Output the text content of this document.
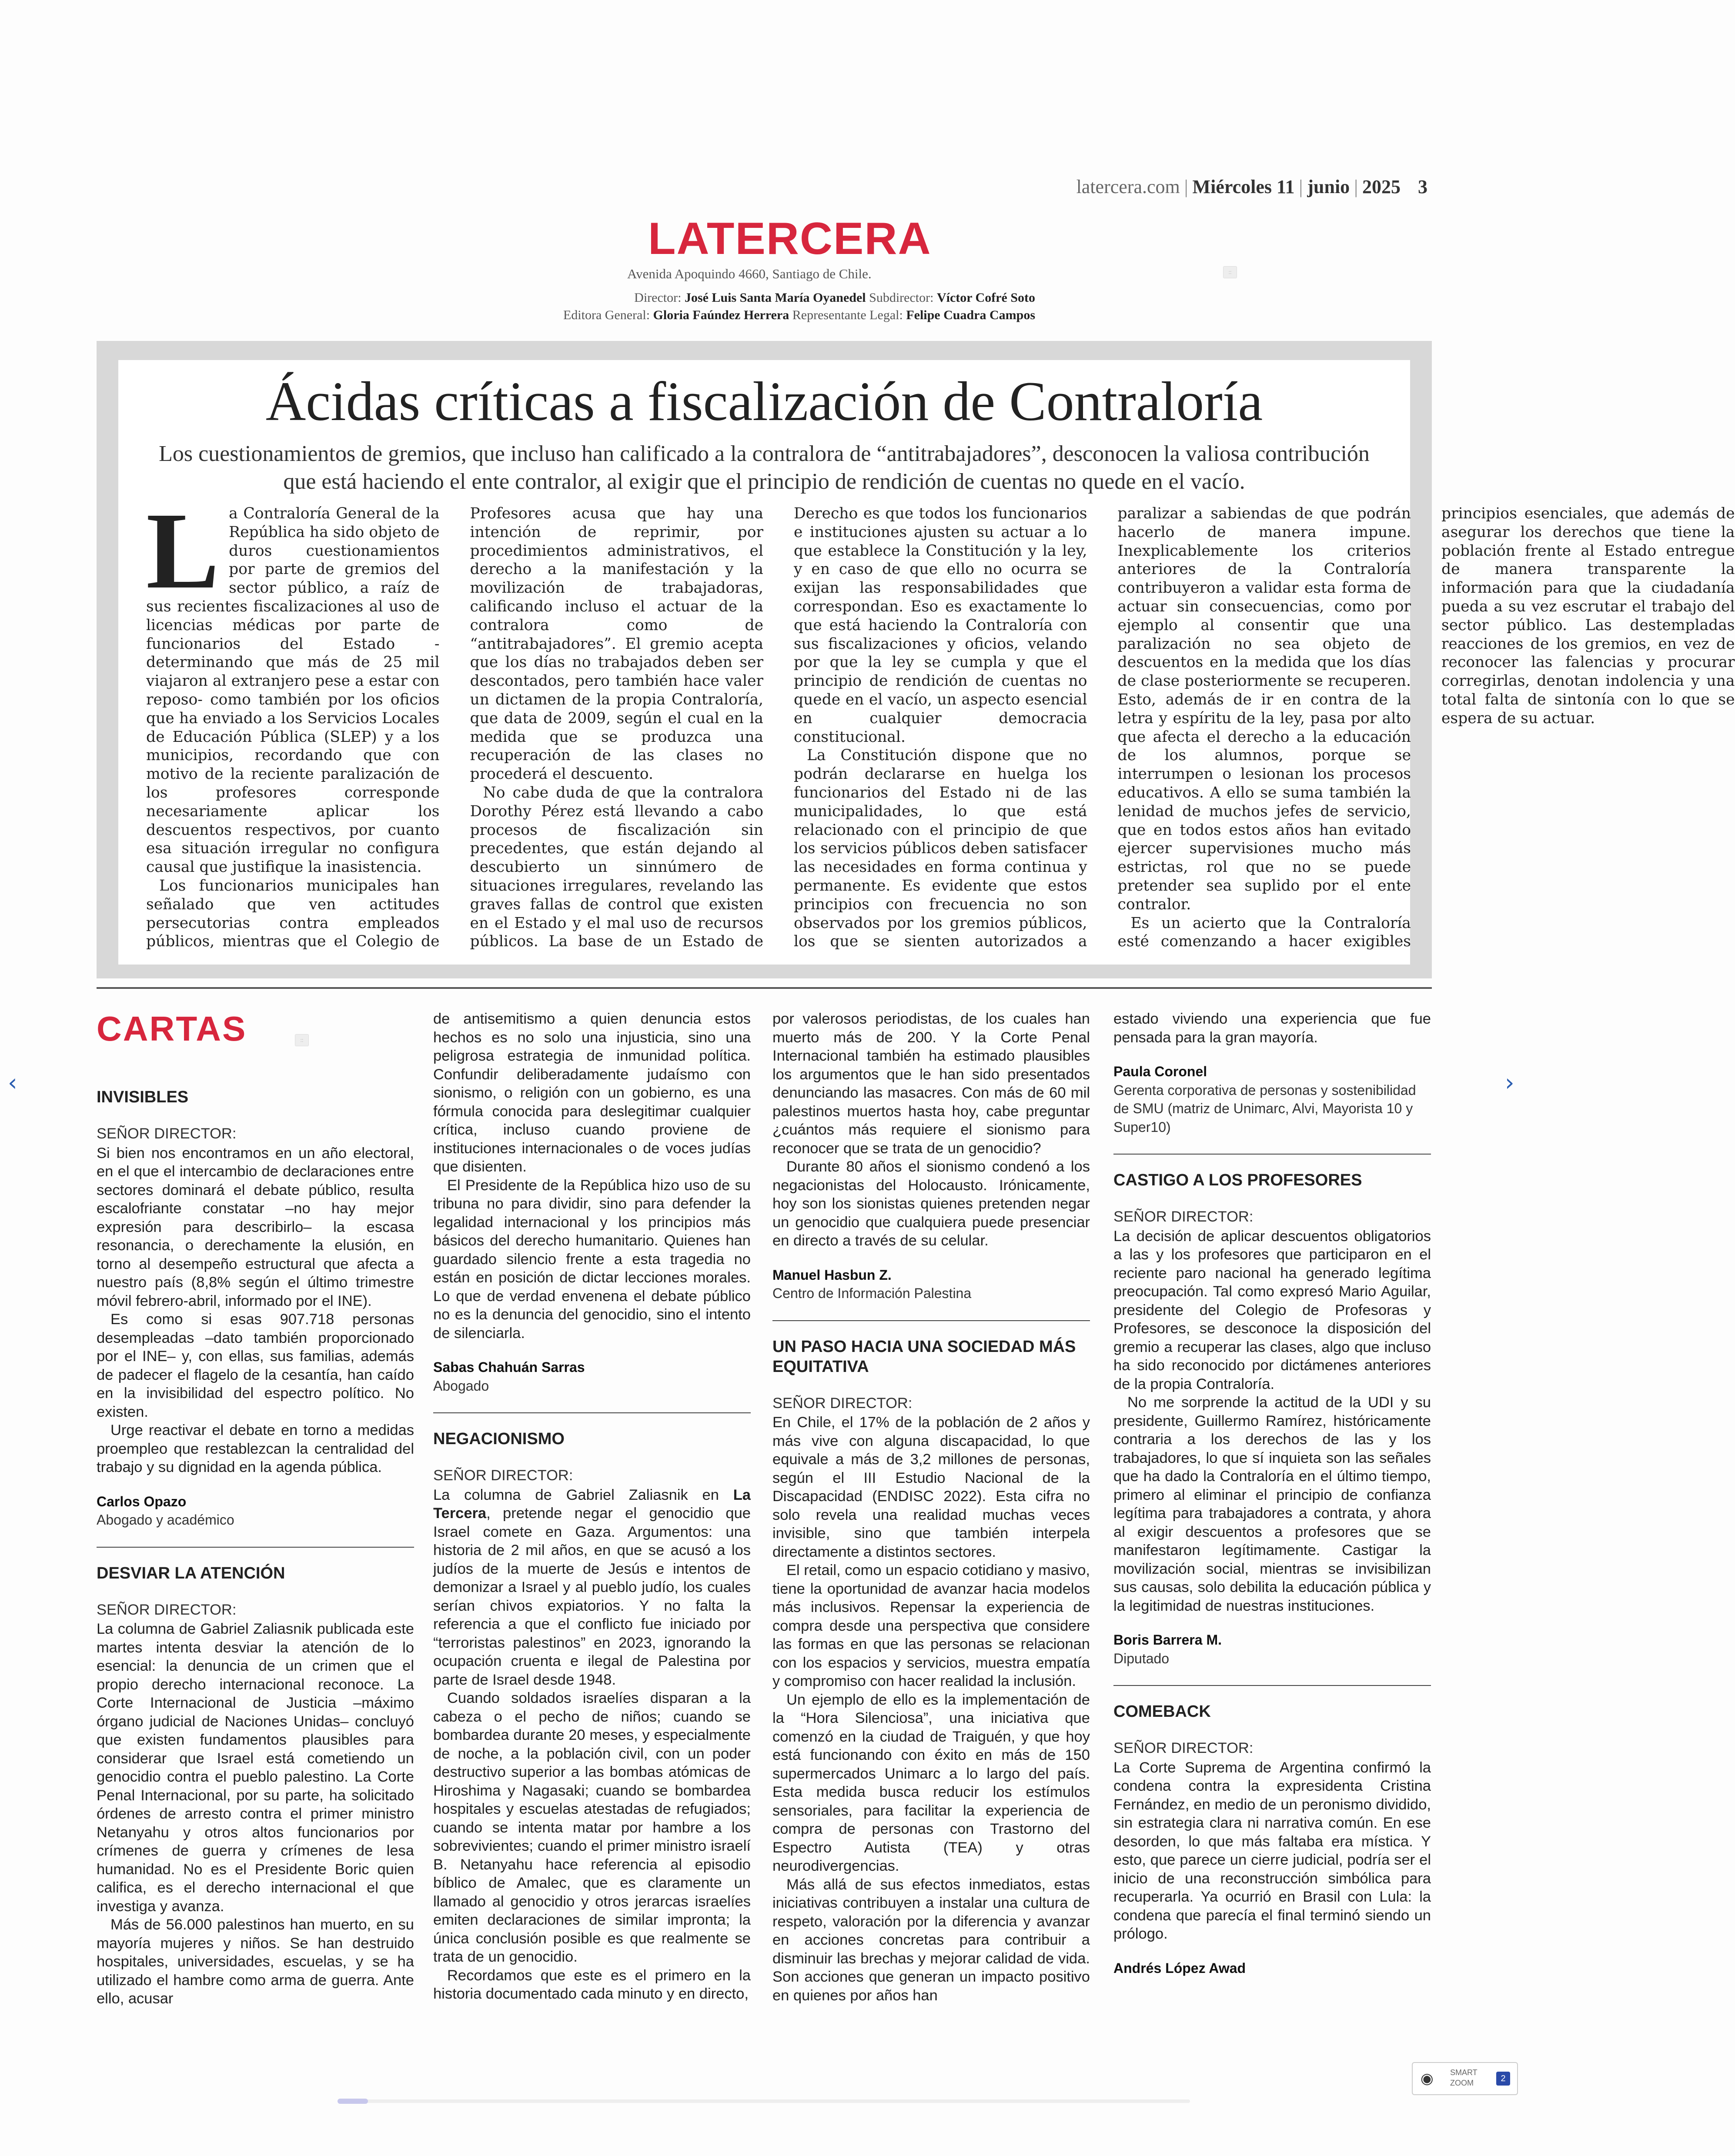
latercera.com | Miércoles 11 | junio | 2025 3
LATERCERA
Avenida Apoquindo 4660, Santiago de Chile.	::
Director: José Luis Santa María Oyanedel Subdirector: Víctor Cofré Soto
Editora General: Gloria Faúndez Herrera Representante Legal: Felipe Cuadra Campos
Ácidas críticas a fiscalización de Contraloría
Los cuestionamientos de gremios, que incluso han calificado a la contralora de “antitrabajadores”, desconocen la valiosa contribución que está haciendo el ente contralor, al exigir que el principio de rendición de cuentas no quede en el vacío.

La Contraloría General de la República ha sido objeto de duros cuestionamientos por parte de gremios del sector público, a raíz de sus recientes fiscalizaciones al uso de licencias médicas por parte de funcionarios del Estado -determinando que más de 25 mil viajaron al extranjero pese a estar con reposo- como también por los oficios que ha enviado a los Servicios Locales de Educación Pública (SLEP) y a los municipios, recordando que con motivo de la reciente paralización de los profesores corresponde necesariamente aplicar los descuentos respectivos, por cuanto esa situación irregular no configura causal que justifique la inasistencia.

Los funcionarios municipales han señalado que ven actitudes persecutorias contra empleados públicos, mientras que el Colegio de Profesores acusa que hay una intención de reprimir, por procedimientos administrativos, el derecho a la manifestación y la movilización de trabajadoras, calificando incluso el actuar de la contralora como de “antitrabajadores”. El gremio acepta que los días no trabajados deben ser descontados, pero también hace valer un dictamen de la propia Contraloría, que data de 2009, según el cual en la medida que se produzca una recuperación de las clases no procederá el descuento.

No cabe duda de que la contralora Dorothy Pérez está llevando a cabo procesos de fiscalización sin precedentes, que están dejando al descubierto un sinnúmero de situaciones irregulares, revelando las graves fallas de control que existen en el Estado y el mal uso de recursos públicos. La base de un Estado de Derecho es que todos los funcionarios e instituciones ajusten su actuar a lo que establece la Constitución y la ley, y en caso de que ello no ocurra se exijan las responsabilidades que correspondan. Eso es exactamente lo que está haciendo la Contraloría con sus fiscalizaciones y oficios, velando por que la ley se cumpla y que el principio de rendición de cuentas no quede en el vacío, un aspecto esencial en cualquier democracia constitucional.

La Constitución dispone que no podrán declararse en huelga los funcionarios del Estado ni de las municipalidades, lo que está relacionado con el principio de que los servicios públicos deben satisfacer las necesidades en forma continua y permanente. Es evidente que estos principios con frecuencia no son observados por los gremios públicos, los que se sienten autorizados a paralizar a sabiendas de que podrán hacerlo de manera impune. Inexplicablemente los criterios anteriores de la Contraloría contribuyeron a validar esta forma de actuar sin consecuencias, como por ejemplo al consentir que una paralización no sea objeto de descuentos en la medida que los días de clase posteriormente se recuperen. Esto, además de ir en contra de la letra y espíritu de la ley, pasa por alto que afecta el derecho a la educación de los alumnos, porque se interrumpen o lesionan los procesos educativos. A ello se suma también la lenidad de muchos jefes de servicio, que en todos estos años han evitado ejercer supervisiones mucho más estrictas, rol que no se puede pretender sea suplido por el ente contralor.

Es un acierto que la Contraloría esté comenzando a hacer exigibles principios esenciales, que además de asegurar los derechos que tiene la población frente al Estado entregue de manera transparente la información para que la ciudadanía pueda a su vez escrutar el trabajo del sector público. Las destempladas reacciones de los gremios, en vez de reconocer las falencias y procurar corregirlas, denotan indolencia y una total falta de sintonía con lo que se espera de su actuar.

CARTAS	::
INVISIBLES
SEÑOR DIRECTOR:

Si bien nos encontramos en un año electoral, en el que el intercambio de declaraciones entre sectores dominará el debate público, resulta escalofriante constatar –no hay mejor expresión para describirlo– la escasa resonancia, o derechamente la elusión, en torno al desempeño estructural que afecta a nuestro país (8,8% según el último trimestre móvil febrero-abril, informado por el INE).

Es como si esas 907.718 personas desempleadas –dato también proporcionado por el INE– y, con ellas, sus familias, además de padecer el flagelo de la cesantía, han caído en la invisibilidad del espectro político. No existen.

Urge reactivar el debate en torno a medidas proempleo que restablezcan la centralidad del trabajo y su dignidad en la agenda pública.

Carlos Opazo
Abogado y académico
DESVIAR LA ATENCIÓN
SEÑOR DIRECTOR:

La columna de Gabriel Zaliasnik publicada este martes intenta desviar la atención de lo esencial: la denuncia de un crimen que el propio derecho internacional reconoce. La Corte Internacional de Justicia –máximo órgano judicial de Naciones Unidas– concluyó que existen fundamentos plausibles para considerar que Israel está cometiendo un genocidio contra el pueblo palestino. La Corte Penal Internacional, por su parte, ha solicitado órdenes de arresto contra el primer ministro Netanyahu y otros altos funcionarios por crímenes de guerra y crímenes de lesa humanidad. No es el Presidente Boric quien califica, es el derecho internacional el que investiga y avanza.

Más de 56.000 palestinos han muerto, en su mayoría mujeres y niños. Se han destruido hospitales, universidades, escuelas, y se ha utilizado el hambre como arma de guerra. Ante ello, acusar

de antisemitismo a quien denuncia estos hechos es no solo una injusticia, sino una peligrosa estrategia de inmunidad política. Confundir deliberadamente judaísmo con sionismo, o religión con un gobierno, es una fórmula conocida para deslegitimar cualquier crítica, incluso cuando proviene de instituciones internacionales o de voces judías que disienten.

El Presidente de la República hizo uso de su tribuna no para dividir, sino para defender la legalidad internacional y los principios más básicos del derecho humanitario. Quienes han guardado silencio frente a esta tragedia no están en posición de dictar lecciones morales. Lo que de verdad envenena el debate público no es la denuncia del genocidio, sino el intento de silenciarla.

Sabas Chahuán Sarras
Abogado
NEGACIONISMO
SEÑOR DIRECTOR:

La columna de Gabriel Zaliasnik en La Tercera, pretende negar el genocidio que Israel comete en Gaza. Argumentos: una historia de 2 mil años, en que se acusó a los judíos de la muerte de Jesús e intentos de demonizar a Israel y al pueblo judío, los cuales serían chivos expiatorios. Y no falta la referencia a que el conflicto fue iniciado por “terroristas palestinos” en 2023, ignorando la ocupación cruenta e ilegal de Palestina por parte de Israel desde 1948.

Cuando soldados israelíes disparan a la cabeza o el pecho de niños; cuando se bombardea durante 20 meses, y especialmente de noche, a la población civil, con un poder destructivo superior a las bombas atómicas de Hiroshima y Nagasaki; cuando se bombardea hospitales y escuelas atestadas de refugiados; cuando se intenta matar por hambre a los sobrevivientes; cuando el primer ministro israelí B. Netanyahu hace referencia al episodio bíblico de Amalec, que es claramente un llamado al genocidio y otros jerarcas israelíes emiten declaraciones de similar impronta; la única conclusión posible es que realmente se trata de un genocidio.

Recordamos que este es el primero en la historia documentado cada minuto y en directo,

por valerosos periodistas, de los cuales han muerto más de 200. Y la Corte Penal Internacional también ha estimado plausibles los argumentos que le han sido presentados denunciando las masacres. Con más de 60 mil palestinos muertos hasta hoy, cabe preguntar ¿cuántos más requiere el sionismo para reconocer que se trata de un genocidio?

Durante 80 años el sionismo condenó a los negacionistas del Holocausto. Irónicamente, hoy son los sionistas quienes pretenden negar un genocidio que cualquiera puede presenciar en directo a través de su celular.

Manuel Hasbun Z.
Centro de Información Palestina
UN PASO HACIA UNA SOCIEDAD MÁS EQUITATIVA
SEÑOR DIRECTOR:

En Chile, el 17% de la población de 2 años y más vive con alguna discapacidad, lo que equivale a más de 3,2 millones de personas, según el III Estudio Nacional de la Discapacidad (ENDISC 2022). Esta cifra no solo revela una realidad muchas veces invisible, sino que también interpela directamente a distintos sectores.

El retail, como un espacio cotidiano y masivo, tiene la oportunidad de avanzar hacia modelos más inclusivos. Repensar la experiencia de compra desde una perspectiva que considere las formas en que las personas se relacionan con los espacios y servicios, muestra empatía y compromiso con hacer realidad la inclusión.

Un ejemplo de ello es la implementación de la “Hora Silenciosa”, una iniciativa que comenzó en la ciudad de Traiguén, y que hoy está funcionando con éxito en más de 150 supermercados Unimarc a lo largo del país. Esta medida busca reducir los estímulos sensoriales, para facilitar la experiencia de compra de personas con Trastorno del Espectro Autista (TEA) y otras neurodivergencias.

Más allá de sus efectos inmediatos, estas iniciativas contribuyen a instalar una cultura de respeto, valoración por la diferencia y avanzar en acciones concretas para contribuir a disminuir las brechas y mejorar calidad de vida. Son acciones que generan un impacto positivo en quienes por años han

estado viviendo una experiencia que fue pensada para la gran mayoría.

Paula Coronel
Gerenta corporativa de personas y sostenibilidad de SMU (matriz de Unimarc, Alvi, Mayorista 10 y Super10)
CASTIGO A LOS PROFESORES
SEÑOR DIRECTOR:

La decisión de aplicar descuentos obligatorios a las y los profesores que participaron en el reciente paro nacional ha generado legítima preocupación. Tal como expresó Mario Aguilar, presidente del Colegio de Profesoras y Profesores, se desconoce la disposición del gremio a recuperar las clases, algo que incluso ha sido reconocido por dictámenes anteriores de la propia Contraloría.

No me sorprende la actitud de la UDI y su presidente, Guillermo Ramírez, históricamente contraria a los derechos de las y los trabajadores, lo que sí inquieta son las señales que ha dado la Contraloría en el último tiempo, primero al eliminar el principio de confianza legítima para trabajadores a contrata, y ahora al exigir descuentos a profesores que se manifestaron legítimamente. Castigar la movilización social, mientras se invisibilizan sus causas, solo debilita la educación pública y la legitimidad de nuestras instituciones.

Boris Barrera M.
Diputado
COMEBACK
SEÑOR DIRECTOR:

La Corte Suprema de Argentina confirmó la condena contra la expresidenta Cristina Fernández, en medio de un peronismo dividido, sin estrategia clara ni narrativa común. En ese desorden, lo que más faltaba era mística. Y esto, que parece un cierre judicial, podría ser el inicio de una reconstrucción simbólica para recuperarla. Ya ocurrió en Brasil con Lula: la condena que parecía el final terminó siendo un prólogo.

Andrés López Awad
‹	›
◉ SMART
ZOOM	2
